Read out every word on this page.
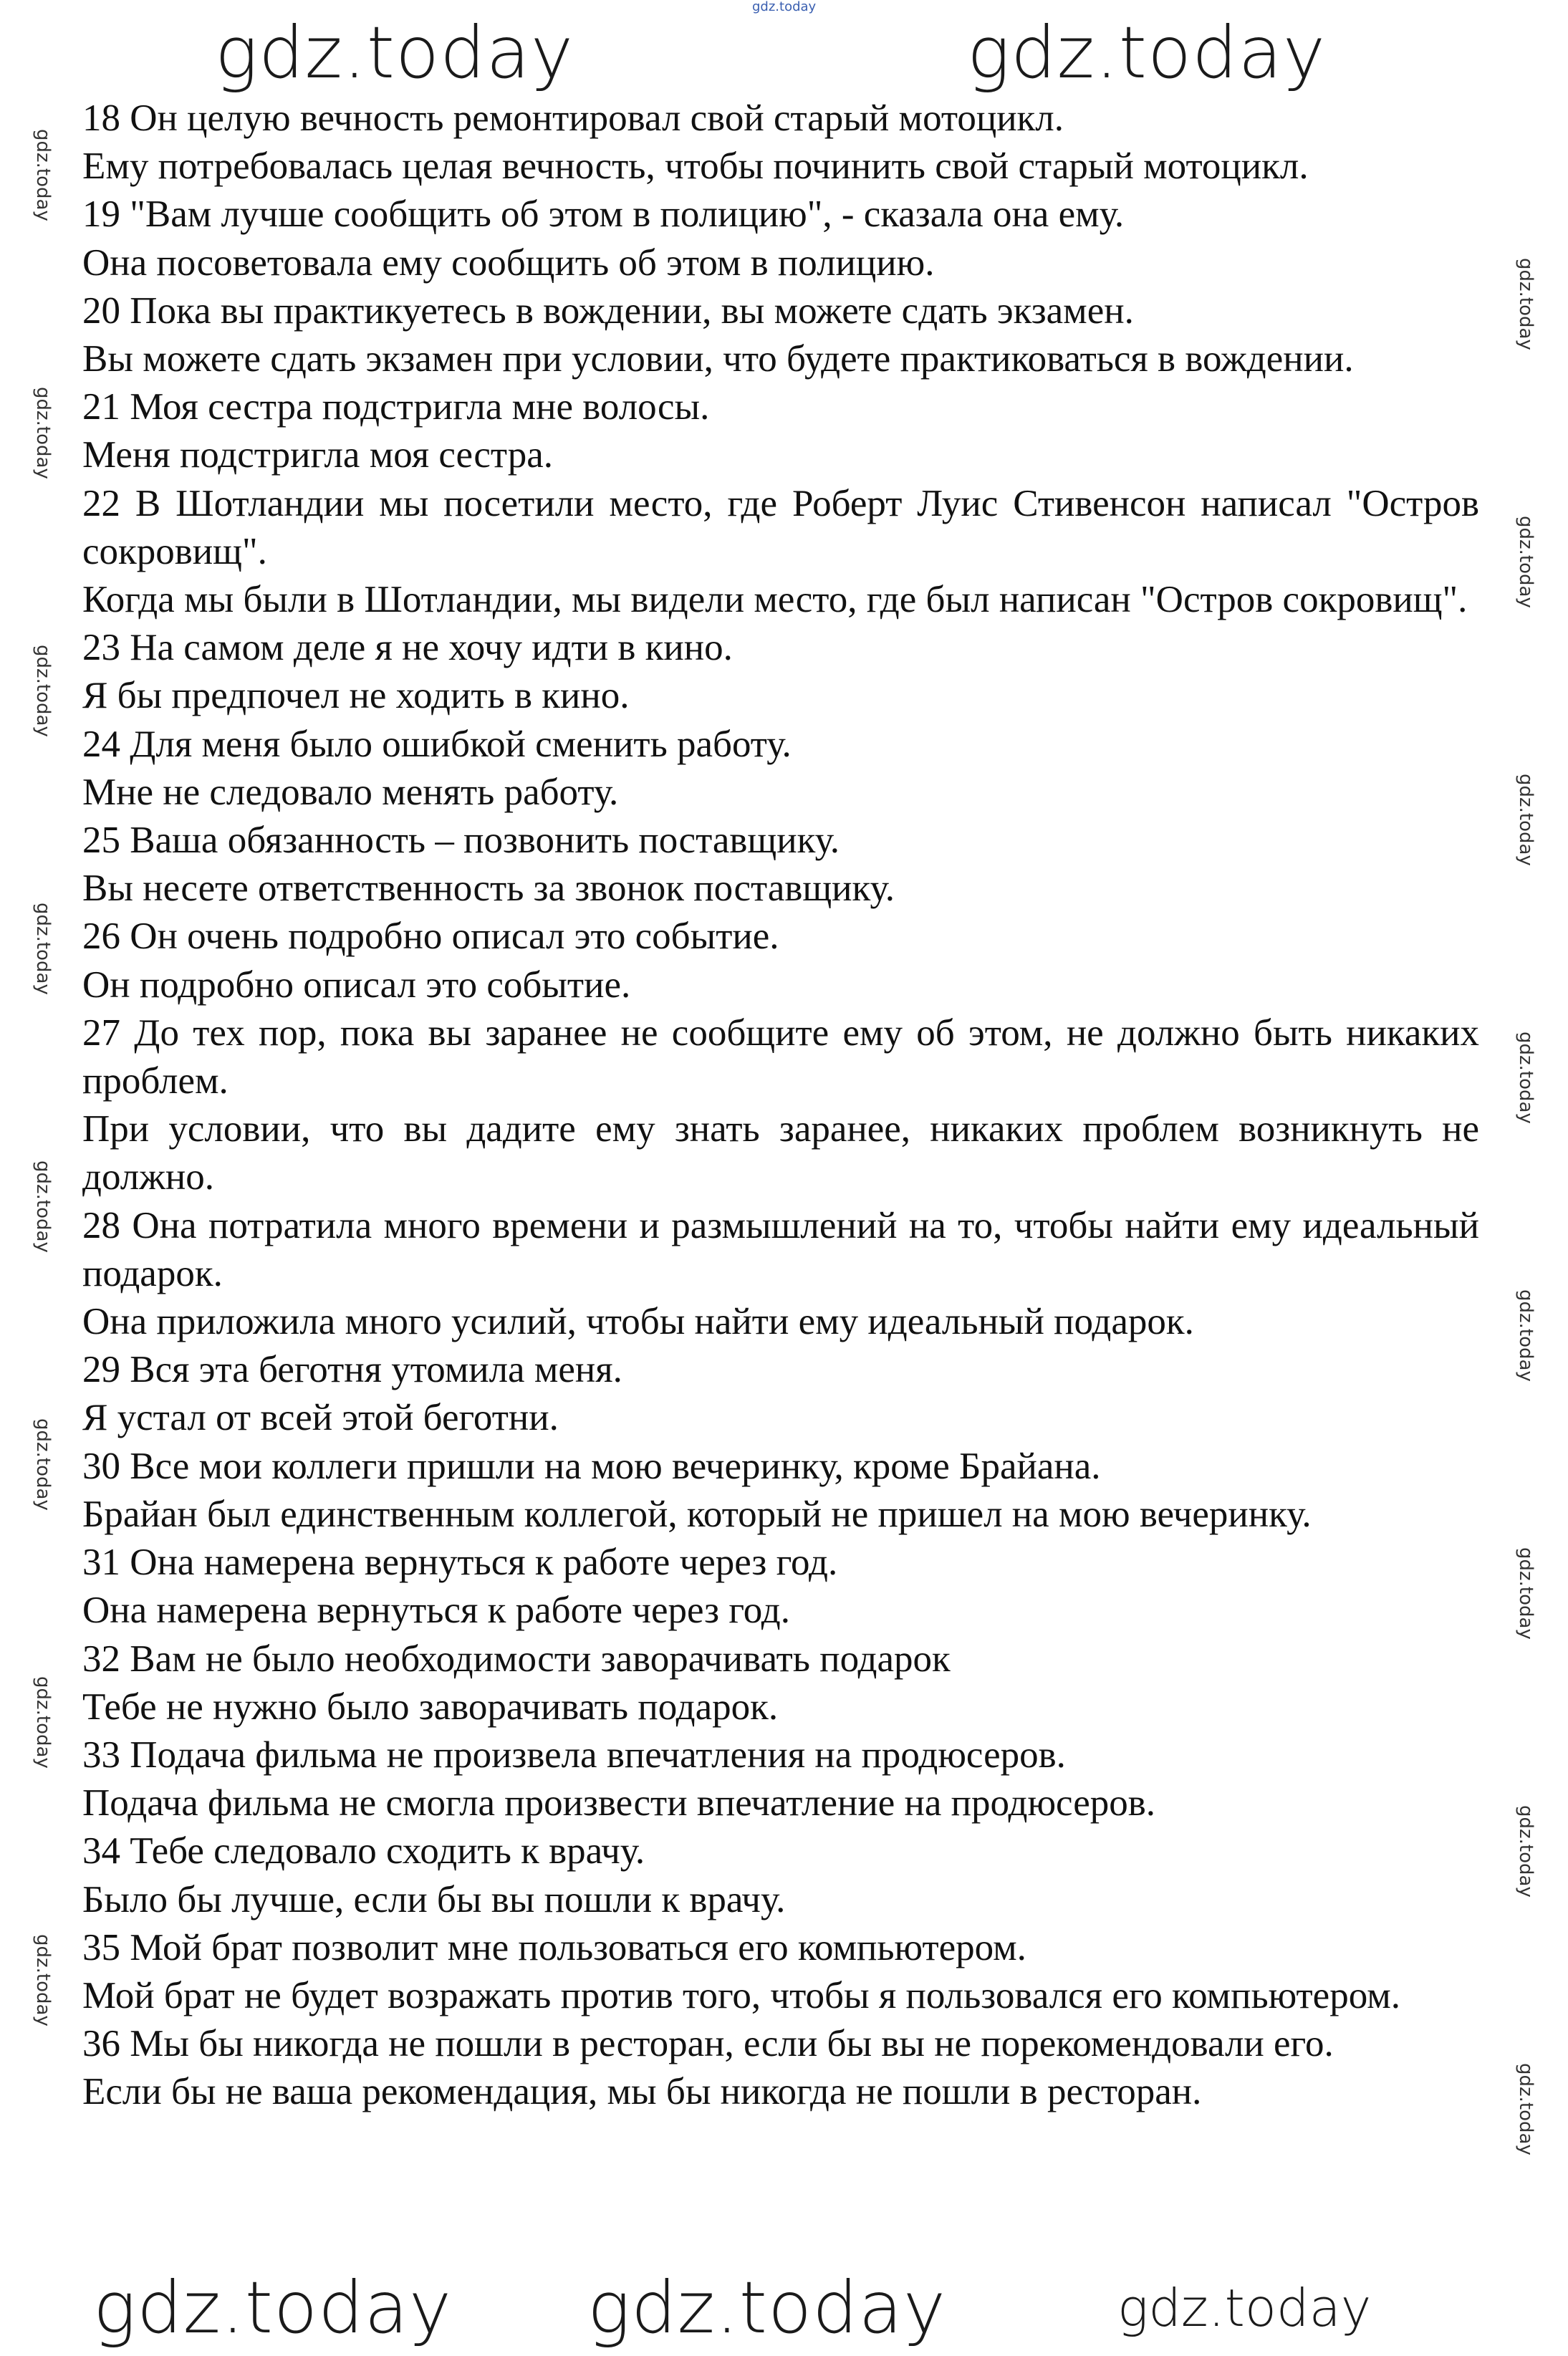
18 Он целую вечность ремонтировал свой старый мотоцикл.

Ему потребовалась целая вечность, чтобы починить свой старый мотоцикл.

19 "Вам лучше сообщить об этом в полицию", - сказала она ему.

Она посоветовала ему сообщить об этом в полицию.

20 Пока вы практикуетесь в вождении, вы можете сдать экзамен.

Вы можете сдать экзамен при условии, что будете практиковаться в вождении.

21 Моя сестра подстригла мне волосы.

Меня подстригла моя сестра.

22 В Шотландии мы посетили место, где Роберт Луис Стивенсон написал "Остров сокровищ".

Когда мы были в Шотландии, мы видели место, где был написан "Остров сокровищ".

23 На самом деле я не хочу идти в кино.

Я бы предпочел не ходить в кино.

24 Для меня было ошибкой сменить работу.

Мне не следовало менять работу.

25 Ваша обязанность – позвонить поставщику.

Вы несете ответственность за звонок поставщику.

26 Он очень подробно описал это событие.

Он подробно описал это событие.

27 До тех пор, пока вы заранее не сообщите ему об этом, не должно быть никаких проблем.

При условии, что вы дадите ему знать заранее, никаких проблем возникнуть не должно.

28 Она потратила много времени и размышлений на то, чтобы найти ему идеальный подарок.

Она приложила много усилий, чтобы найти ему идеальный подарок.

29 Вся эта беготня утомила меня.

Я устал от всей этой беготни.

30 Все мои коллеги пришли на мою вечеринку, кроме Брайана.

Брайан был единственным коллегой, который не пришел на мою вечеринку.

31 Она намерена вернуться к работе через год.

Она намерена вернуться к работе через год.

32 Вам не было необходимости заворачивать подарок

Тебе не нужно было заворачивать подарок.

33 Подача фильма не произвела впечатления на продюсеров.

Подача фильма не смогла произвести впечатление на продюсеров.

34 Тебе следовало сходить к врачу.

Было бы лучше, если бы вы пошли к врачу.

35 Мой брат позволит мне пользоваться его компьютером.

Мой брат не будет возражать против того, чтобы я пользовался его компьютером.

36 Мы бы никогда не пошли в ресторан, если бы вы не порекомендовали его.

Если бы не ваша рекомендация, мы бы никогда не пошли в ресторан.

gdz.today
gdz.today	gdz.today
gdz.today gdz.today	gdz.today
gdz.today
gdz.today
gdz.today
gdz.today
gdz.today
gdz.today
gdz.today
gdz.today
gdz.today
gdz.today
gdz.today
gdz.today
gdz.today
gdz.today
gdz.today
gdz.today
